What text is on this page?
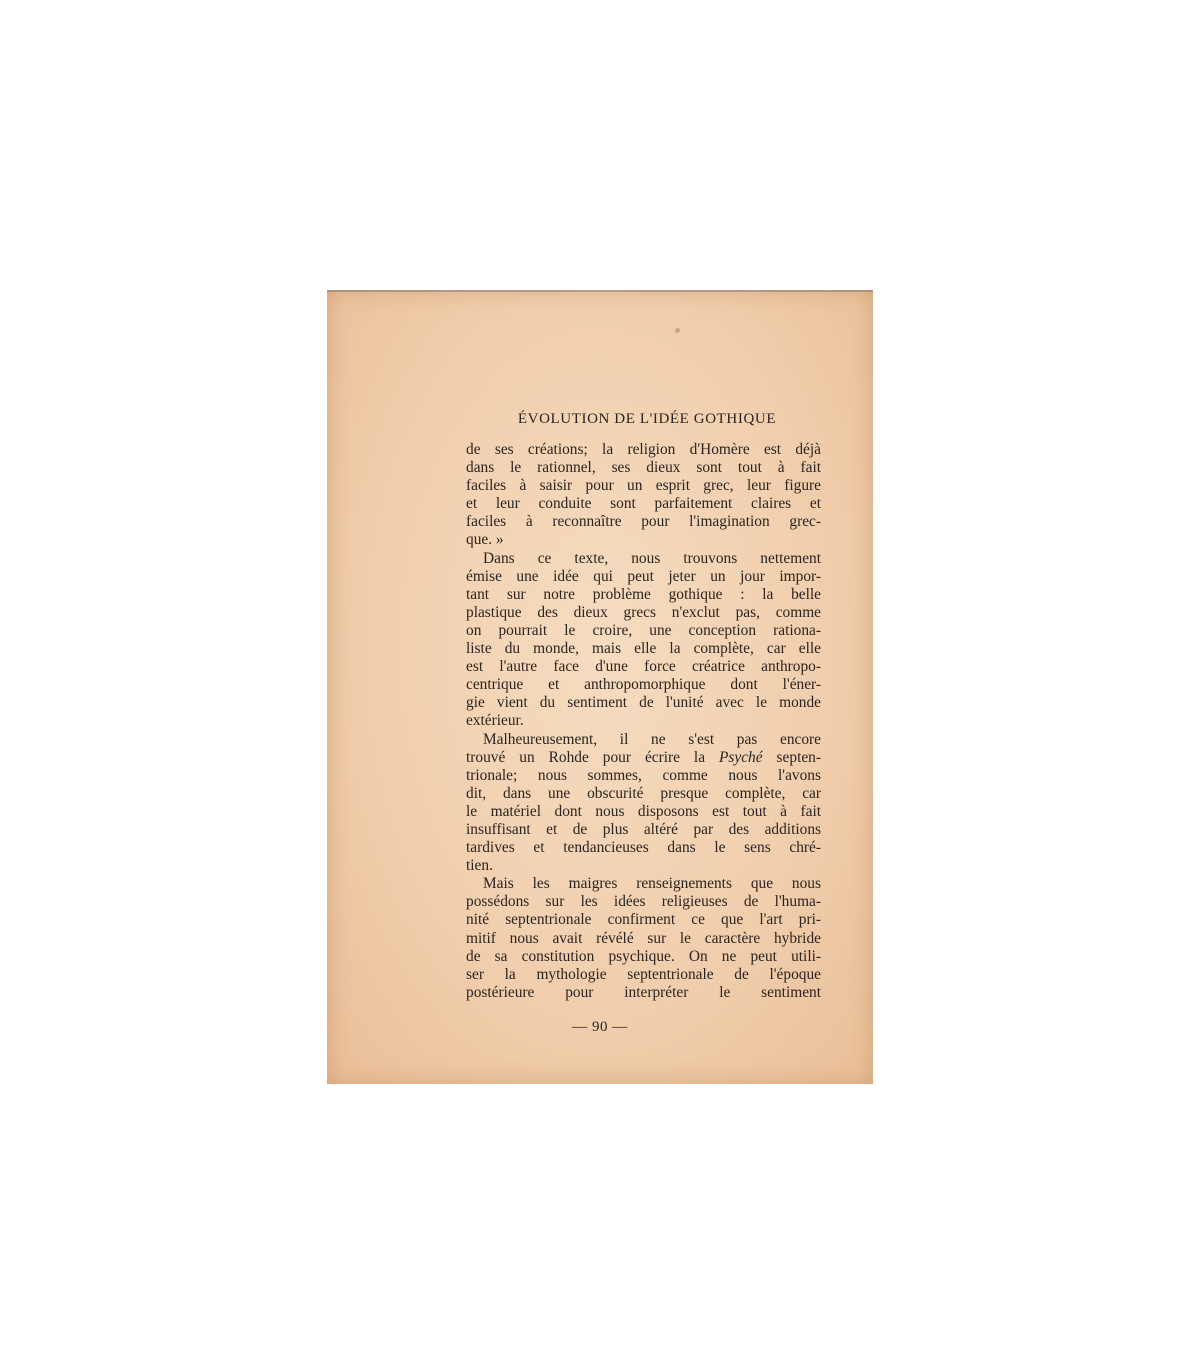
ÉVOLUTION DE L'IDÉE GOTHIQUE
de ses créations; la religion d'Homère est déjà
dans le rationnel, ses dieux sont tout à fait
faciles à saisir pour un esprit grec, leur figure
et leur conduite sont parfaitement claires et
faciles à reconnaître pour l'imagination grec-
que. »
Dans ce texte, nous trouvons nettement
émise une idée qui peut jeter un jour impor-
tant sur notre problème gothique : la belle
plastique des dieux grecs n'exclut pas, comme
on pourrait le croire, une conception rationa-
liste du monde, mais elle la complète, car elle
est l'autre face d'une force créatrice anthropo-
centrique et anthropomorphique dont l'éner-
gie vient du sentiment de l'unité avec le monde
extérieur.
Malheureusement, il ne s'est pas encore
trouvé un Rohde pour écrire la Psyché septen-
trionale; nous sommes, comme nous l'avons
dit, dans une obscurité presque complète, car
le matériel dont nous disposons est tout à fait
insuffisant et de plus altéré par des additions
tardives et tendancieuses dans le sens chré-
tien.
Mais les maigres renseignements que nous
possédons sur les idées religieuses de l'huma-
nité septentrionale confirment ce que l'art pri-
mitif nous avait révélé sur le caractère hybride
de sa constitution psychique. On ne peut utili-
ser la mythologie septentrionale de l'époque
postérieure pour interpréter le sentiment
— 90 —
